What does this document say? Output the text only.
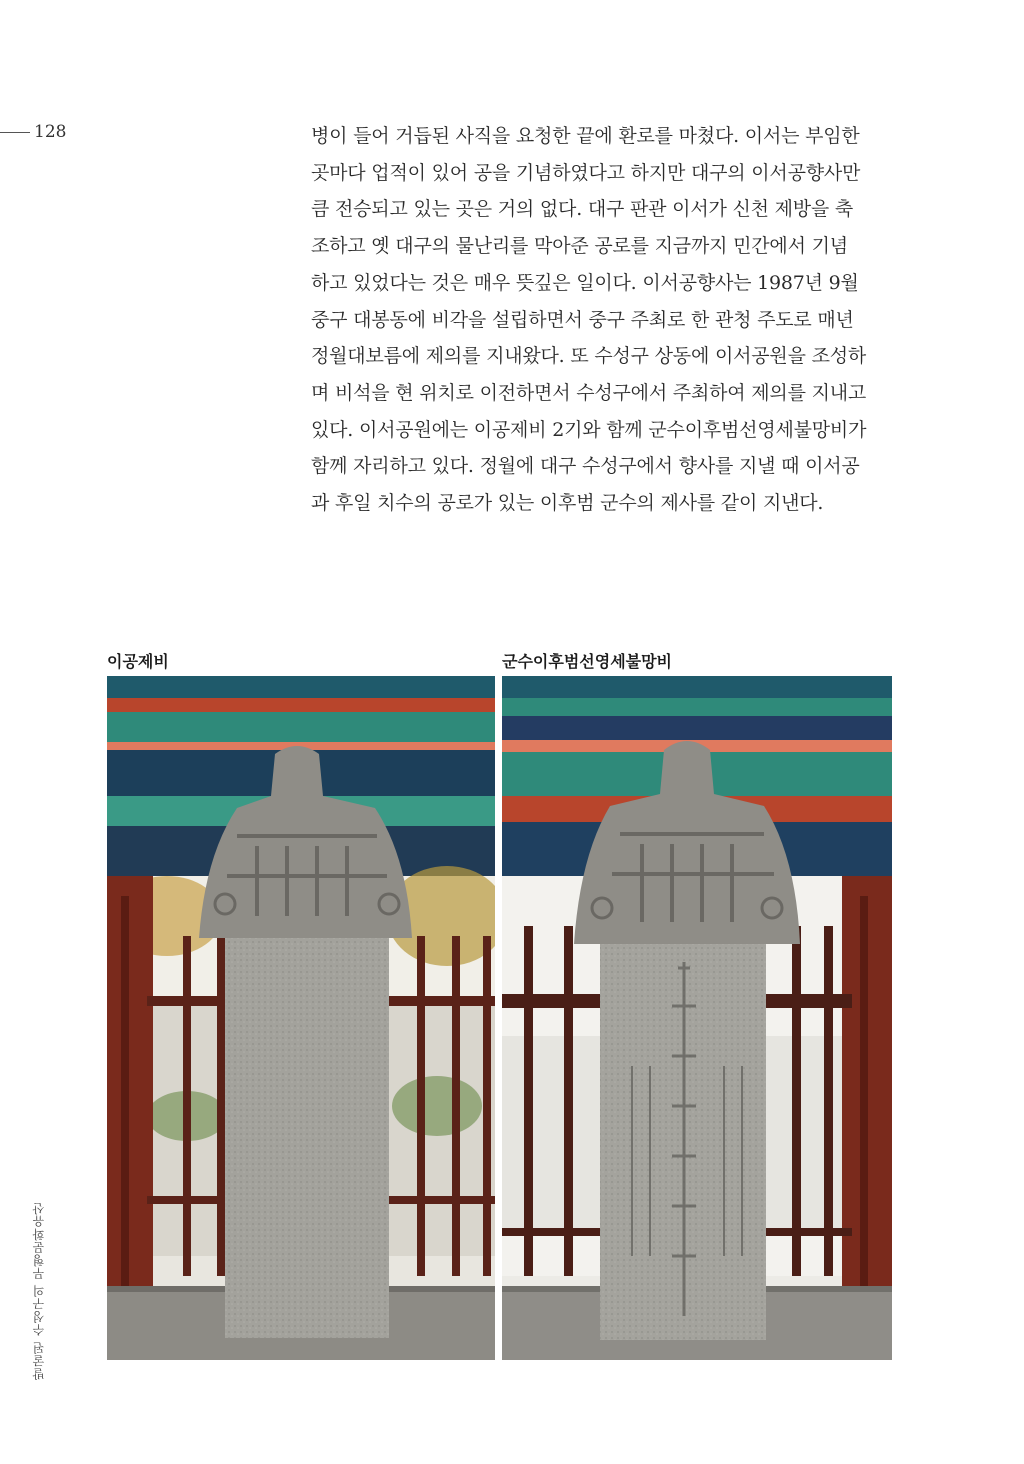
128	병이 들어 거듭된 사직을 요청한 끝에 환로를 마쳤다. 이서는 부임한
곳마다 업적이 있어 공을 기념하였다고 하지만 대구의 이서공향사만
큼 전승되고 있는 곳은 거의 없다. 대구 판관 이서가 신천 제방을 축
조하고 옛 대구의 물난리를 막아준 공로를 지금까지 민간에서 기념
하고 있었다는 것은 매우 뜻깊은 일이다. 이서공향사는 1987년 9월
중구 대봉동에 비각을 설립하면서 중구 주최로 한 관청 주도로 매년
정월대보름에 제의를 지내왔다. 또 수성구 상동에 이서공원을 조성하
며 비석을 현 위치로 이전하면서 수성구에서 주최하여 제의를 지내고
있다. 이서공원에는 이공제비 2기와 함께 군수이후범선영세불망비가
함께 자리하고 있다. 정월에 대구 수성구에서 향사를 지낼 때 이서공
과 후일 치수의 공로가 있는 이후범 군수의 제사를 같이 지낸다.
이공제비	군수이후범선영세불망비
발굴된 수성구의 무형문화유산
